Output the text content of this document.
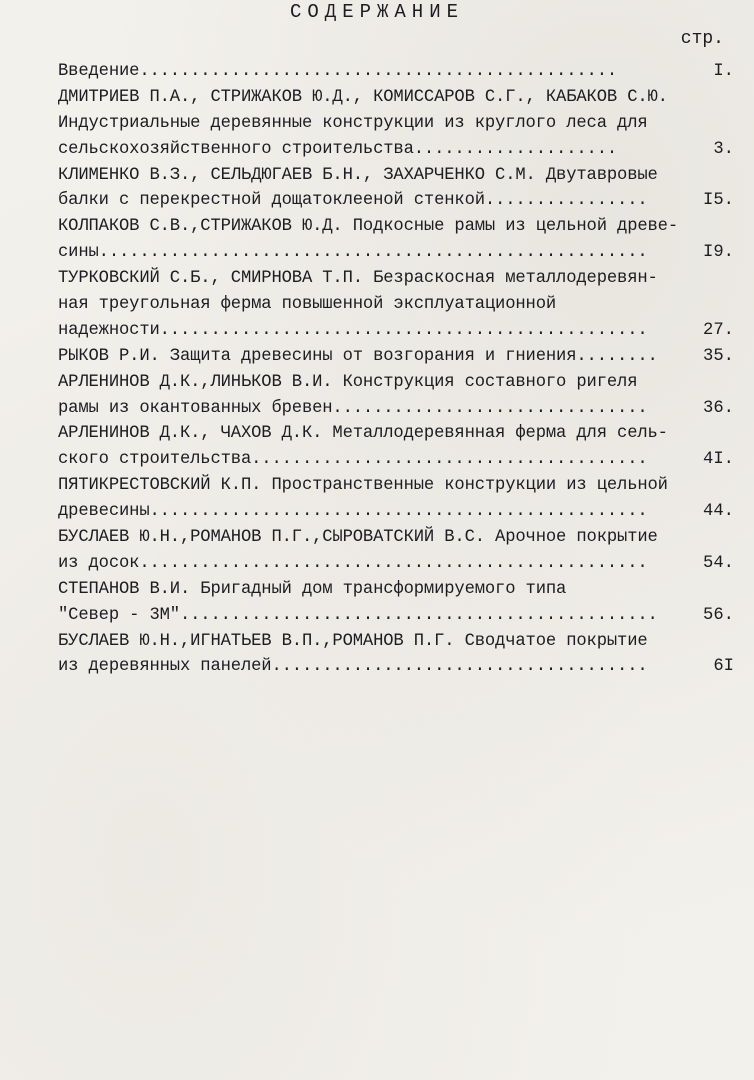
СОДЕРЖАНИЕ
стр.
Введение...............................................	I.
ДМИТРИЕВ П.А., СТРИЖАКОВ Ю.Д., КОМИССАРОВ С.Г., КАБАКОВ С.Ю.
Индустриальные деревянные конструкции из круглого леса для
сельскохозяйственного строительства....................	3.
КЛИМЕНКО В.З., СЕЛЬДЮГАЕВ Б.Н., ЗАХАРЧЕНКО С.М. Двутавровые
балки с перекрестной дощатоклееной стенкой................	I5.
КОЛПАКОВ С.В.,СТРИЖАКОВ Ю.Д. Подкосные рамы из цельной древе-
сины......................................................	I9.
ТУРКОВСКИЙ С.Б., СМИРНОВА Т.П. Безраскосная металлодеревян-
ная треугольная ферма повышенной эксплуатационной
надежности................................................	27.
РЫКОВ Р.И. Защита древесины от возгорания и гниения........	35.
АРЛЕНИНОВ Д.К.,ЛИНЬКОВ В.И. Конструкция составного ригеля
рамы из окантованных бревен...............................	36.
АРЛЕНИНОВ Д.К., ЧАХОВ Д.К. Металлодеревянная ферма для сель-
ского строительства.......................................	4I.
ПЯТИКРЕСТОВСКИЙ К.П. Пространственные конструкции из цельной
древесины.................................................	44.
БУСЛАЕВ Ю.Н.,РОМАНОВ П.Г.,СЫРОВАТСКИЙ В.С. Арочное покрытие
из досок..................................................	54.
СТЕПАНОВ В.И. Бригадный дом трансформируемого типа
"Север - 3М"...............................................	56.
БУСЛАЕВ Ю.Н.,ИГНАТЬЕВ В.П.,РОМАНОВ П.Г. Сводчатое покрытие
из деревянных панелей.....................................	6I
